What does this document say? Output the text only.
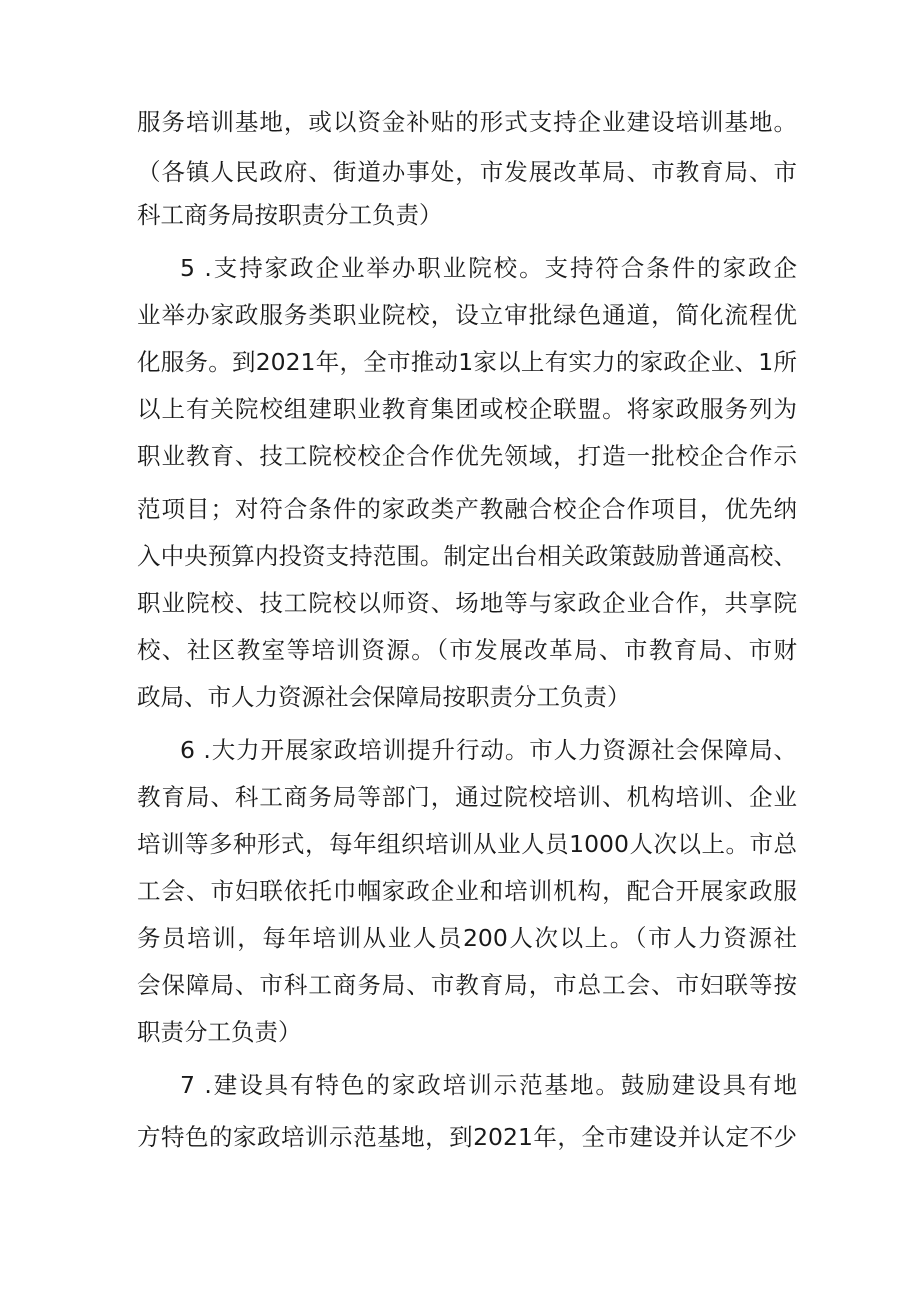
服务培训基地，或以资金补贴的形式支持企业建设培训基地。
（各镇人民政府、街道办事处，市发展改革局、市教育局、市
科工商务局按职责分工负责）
5 .支持家政企业举办职业院校。支持符合条件的家政企
业举办家政服务类职业院校，设立审批绿色通道，简化流程优
化服务。到2021年，全市推动1家以上有实力的家政企业、1所
以上有关院校组建职业教育集团或校企联盟。将家政服务列为
职业教育、技工院校校企合作优先领域，打造一批校企合作示
范项目；对符合条件的家政类产教融合校企合作项目，优先纳
入中央预算内投资支持范围。制定出台相关政策鼓励普通高校、
职业院校、技工院校以师资、场地等与家政企业合作，共享院
校、社区教室等培训资源。（市发展改革局、市教育局、市财
政局、市人力资源社会保障局按职责分工负责）
6 .大力开展家政培训提升行动。市人力资源社会保障局、
教育局、科工商务局等部门，通过院校培训、机构培训、企业
培训等多种形式，每年组织培训从业人员1000人次以上。市总
工会、市妇联依托巾帼家政企业和培训机构，配合开展家政服
务员培训，每年培训从业人员200人次以上。（市人力资源社
会保障局、市科工商务局、市教育局，市总工会、市妇联等按
职责分工负责）
7 .建设具有特色的家政培训示范基地。鼓励建设具有地
方特色的家政培训示范基地，到2021年，全市建设并认定不少
